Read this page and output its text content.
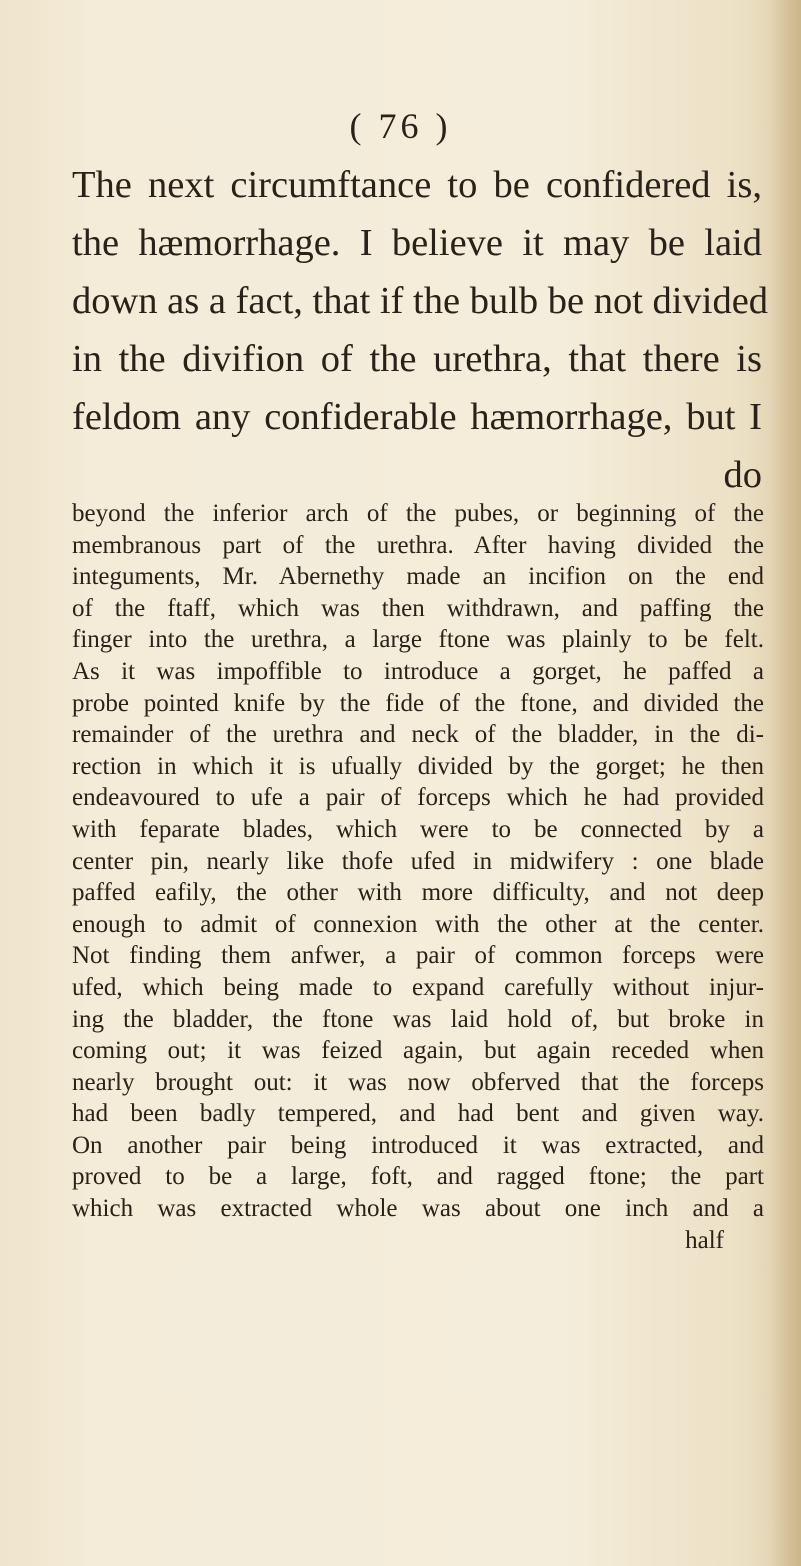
( 76 )
The next circumftance to be confidered is,
the hæmorrhage. I believe it may be laid
down as a fact, that if the bulb be not divided
in the divifion of the urethra, that there is
feldom any confiderable hæmorrhage, but I
do
beyond the inferior arch of the pubes, or beginning of the
membranous part of the urethra. After having divided the
integuments, Mr. Abernethy made an incifion on the end
of the ftaff, which was then withdrawn, and paffing the
finger into the urethra, a large ftone was plainly to be felt.
As it was impoffible to introduce a gorget, he paffed a
probe pointed knife by the fide of the ftone, and divided the
remainder of the urethra and neck of the bladder, in the di-
rection in which it is ufually divided by the gorget; he then
endeavoured to ufe a pair of forceps which he had provided
with feparate blades, which were to be connected by a
center pin, nearly like thofe ufed in midwifery : one blade
paffed eafily, the other with more difficulty, and not deep
enough to admit of connexion with the other at the center.
Not finding them anfwer, a pair of common forceps were
ufed, which being made to expand carefully without injur-
ing the bladder, the ftone was laid hold of, but broke in
coming out; it was feized again, but again receded when
nearly brought out: it was now obferved that the forceps
had been badly tempered, and had bent and given way.
On another pair being introduced it was extracted, and
proved to be a large, foft, and ragged ftone; the part
which was extracted whole was about one inch and a
half
